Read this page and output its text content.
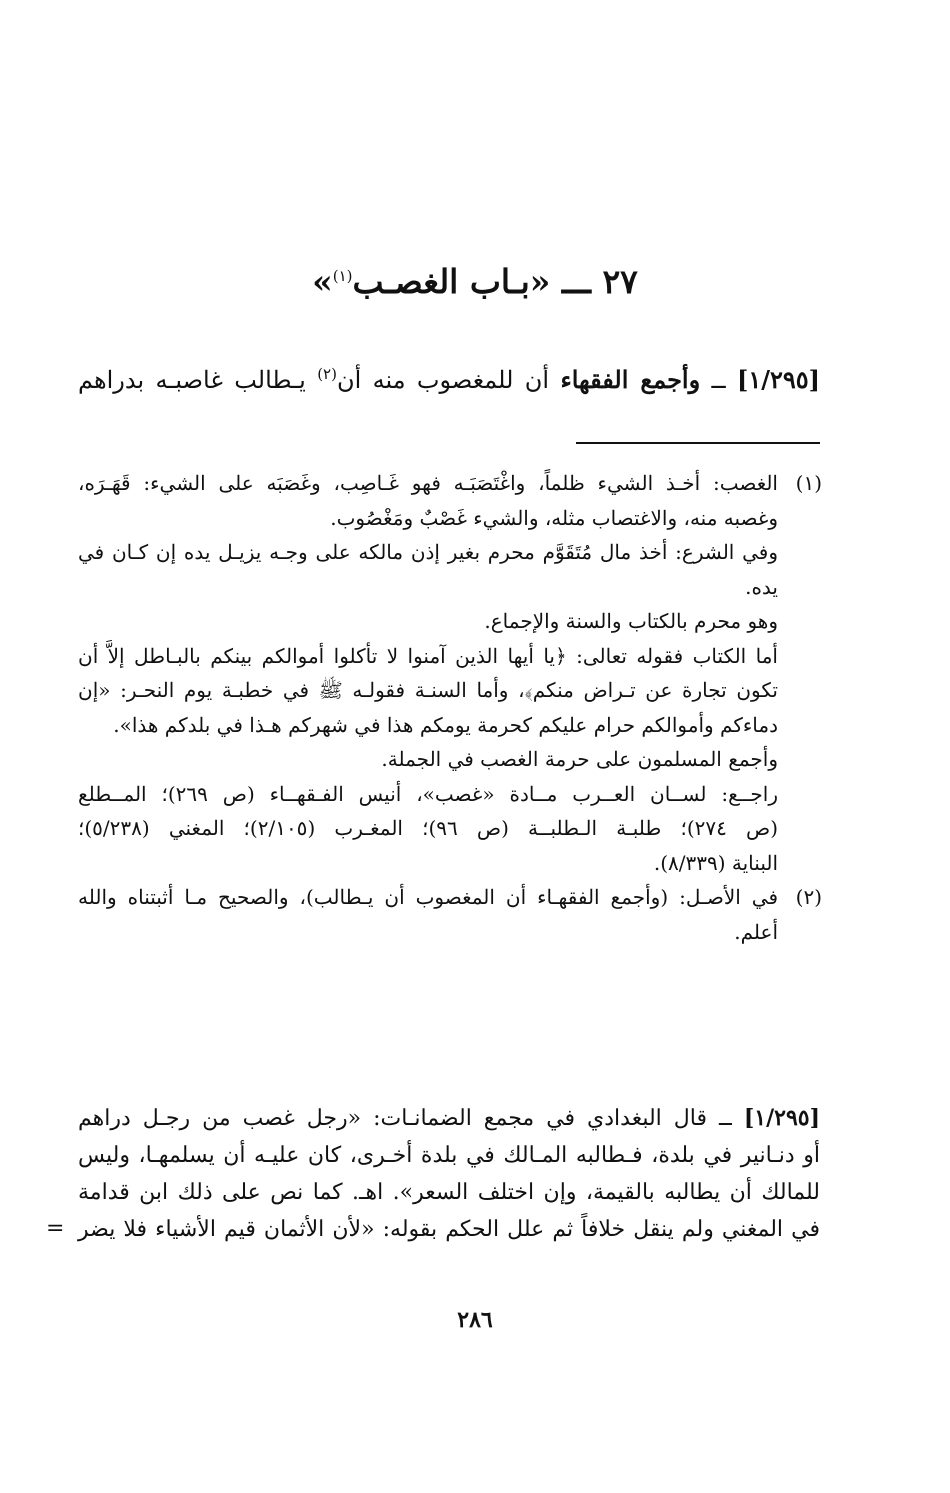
٢٧ ـــ «بـاب الغصـب$^{(١)}$»
[١/٢٩٥] ــ وأجمع الفقهاء أن للمغصوب منه أن$^{(٢)}$ يـطالب غاصبـه بدراهم
(١)

الغصب: أخـذ الشيء ظلماً، واغْتَصَبَـه فهو غَـاصِب، وغَصَبَه على الشيء: قَهَـرَه،

وغصبه منه، والاغتصاب مثله، والشيء غَصْبٌ ومَغْصُوب.

وفي الشرع: أخذ مال مُتَقَوَّم محرم بغير إذن مالكه على وجـه يزيـل يده إن كـان في

يده.

وهو محرم بالكتاب والسنة والإجماع.

أما الكتاب فقوله تعالى: ﴿يا أيها الذين آمنوا لا تأكلوا أموالكم بينكم بالبـاطل إلاَّ أن

تكون تجارة عن تـراض منكم﴾، وأما السنـة فقولـه ﷺ في خطبـة يوم النحـر: «إن

دماءكم وأموالكم حرام عليكم كحرمة يومكم هذا في شهركم هـذا في بلدكم هذا».

وأجمع المسلمون على حرمة الغصب في الجملة.

راجــع: لســان العــرب مــادة «غصب»، أنيس الفـقهــاء (ص ٢٦٩)؛ المــطلع

(ص ٢٧٤)؛ طلبـة الـطلبــة (ص ٩٦)؛ المغـرب (٢/١٠٥)؛ المغني (٥/٢٣٨)؛

البناية (٨/٣٣٩).

(٢)

في الأصـل: (وأجمع الفقهـاء أن المغصوب أن يـطالب)، والصحيح مـا أثبتناه والله

أعلم.

[١/٢٩٥] ــ قال البغدادي في مجمع الضمانـات: «رجل غصب من رجـل دراهم

أو دنـانير في بلدة، فـطالبه المـالك في بلدة أخـرى، كان عليـه أن يسلمهـا، وليس

للمالك أن يطالبه بالقيمة، وإن اختلف السعر». اهـ. كما نص على ذلك ابن قدامة

في المغني ولم ينقل خلافاً ثم علل الحكم بقوله: «لأن الأثمان قيم الأشياء فلا يضر

=
٢٨٦
